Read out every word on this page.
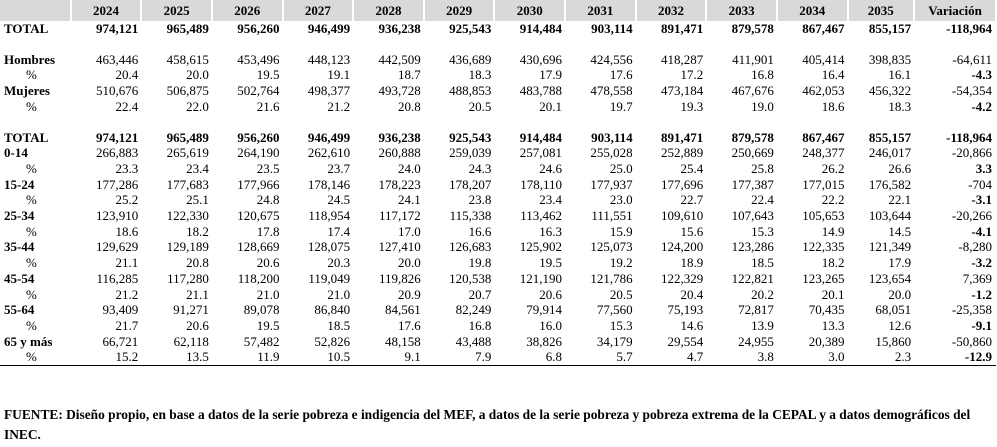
	2024	2025	2026	2027	2028	2029	2030	2031	2032	2033	2034	2035	Variación
TOTAL	974,121	965,489	956,260	946,499	936,238	925,543	914,484	903,114	891,471	879,578	867,467	855,157	-118,964

Hombres	463,446	458,615	453,496	448,123	442,509	436,689	430,696	424,556	418,287	411,901	405,414	398,835	-64,611
%	20.4	20.0	19.5	19.1	18.7	18.3	17.9	17.6	17.2	16.8	16.4	16.1	-4.3
Mujeres	510,676	506,875	502,764	498,377	493,728	488,853	483,788	478,558	473,184	467,676	462,053	456,322	-54,354
%	22.4	22.0	21.6	21.2	20.8	20.5	20.1	19.7	19.3	19.0	18.6	18.3	-4.2

TOTAL	974,121	965,489	956,260	946,499	936,238	925,543	914,484	903,114	891,471	879,578	867,467	855,157	-118,964
0-14	266,883	265,619	264,190	262,610	260,888	259,039	257,081	255,028	252,889	250,669	248,377	246,017	-20,866
%	23.3	23.4	23.5	23.7	24.0	24.3	24.6	25.0	25.4	25.8	26.2	26.6	3.3
15-24	177,286	177,683	177,966	178,146	178,223	178,207	178,110	177,937	177,696	177,387	177,015	176,582	-704
%	25.2	25.1	24.8	24.5	24.1	23.8	23.4	23.0	22.7	22.4	22.2	22.1	-3.1
25-34	123,910	122,330	120,675	118,954	117,172	115,338	113,462	111,551	109,610	107,643	105,653	103,644	-20,266
%	18.6	18.2	17.8	17.4	17.0	16.6	16.3	15.9	15.6	15.3	14.9	14.5	-4.1
35-44	129,629	129,189	128,669	128,075	127,410	126,683	125,902	125,073	124,200	123,286	122,335	121,349	-8,280
%	21.1	20.8	20.6	20.3	20.0	19.8	19.5	19.2	18.9	18.5	18.2	17.9	-3.2
45-54	116,285	117,280	118,200	119,049	119,826	120,538	121,190	121,786	122,329	122,821	123,265	123,654	7,369
%	21.2	21.1	21.0	21.0	20.9	20.7	20.6	20.5	20.4	20.2	20.1	20.0	-1.2
55-64	93,409	91,271	89,078	86,840	84,561	82,249	79,914	77,560	75,193	72,817	70,435	68,051	-25,358
%	21.7	20.6	19.5	18.5	17.6	16.8	16.0	15.3	14.6	13.9	13.3	12.6	-9.1
65 y más	66,721	62,118	57,482	52,826	48,158	43,488	38,826	34,179	29,554	24,955	20,389	15,860	-50,860
%	15.2	13.5	11.9	10.5	9.1	7.9	6.8	5.7	4.7	3.8	3.0	2.3	-12.9
FUENTE: Diseño propio, en base a datos de la serie pobreza e indigencia del MEF, a datos de la serie pobreza y pobreza extrema de la CEPAL y a datos demográficos del INEC.
